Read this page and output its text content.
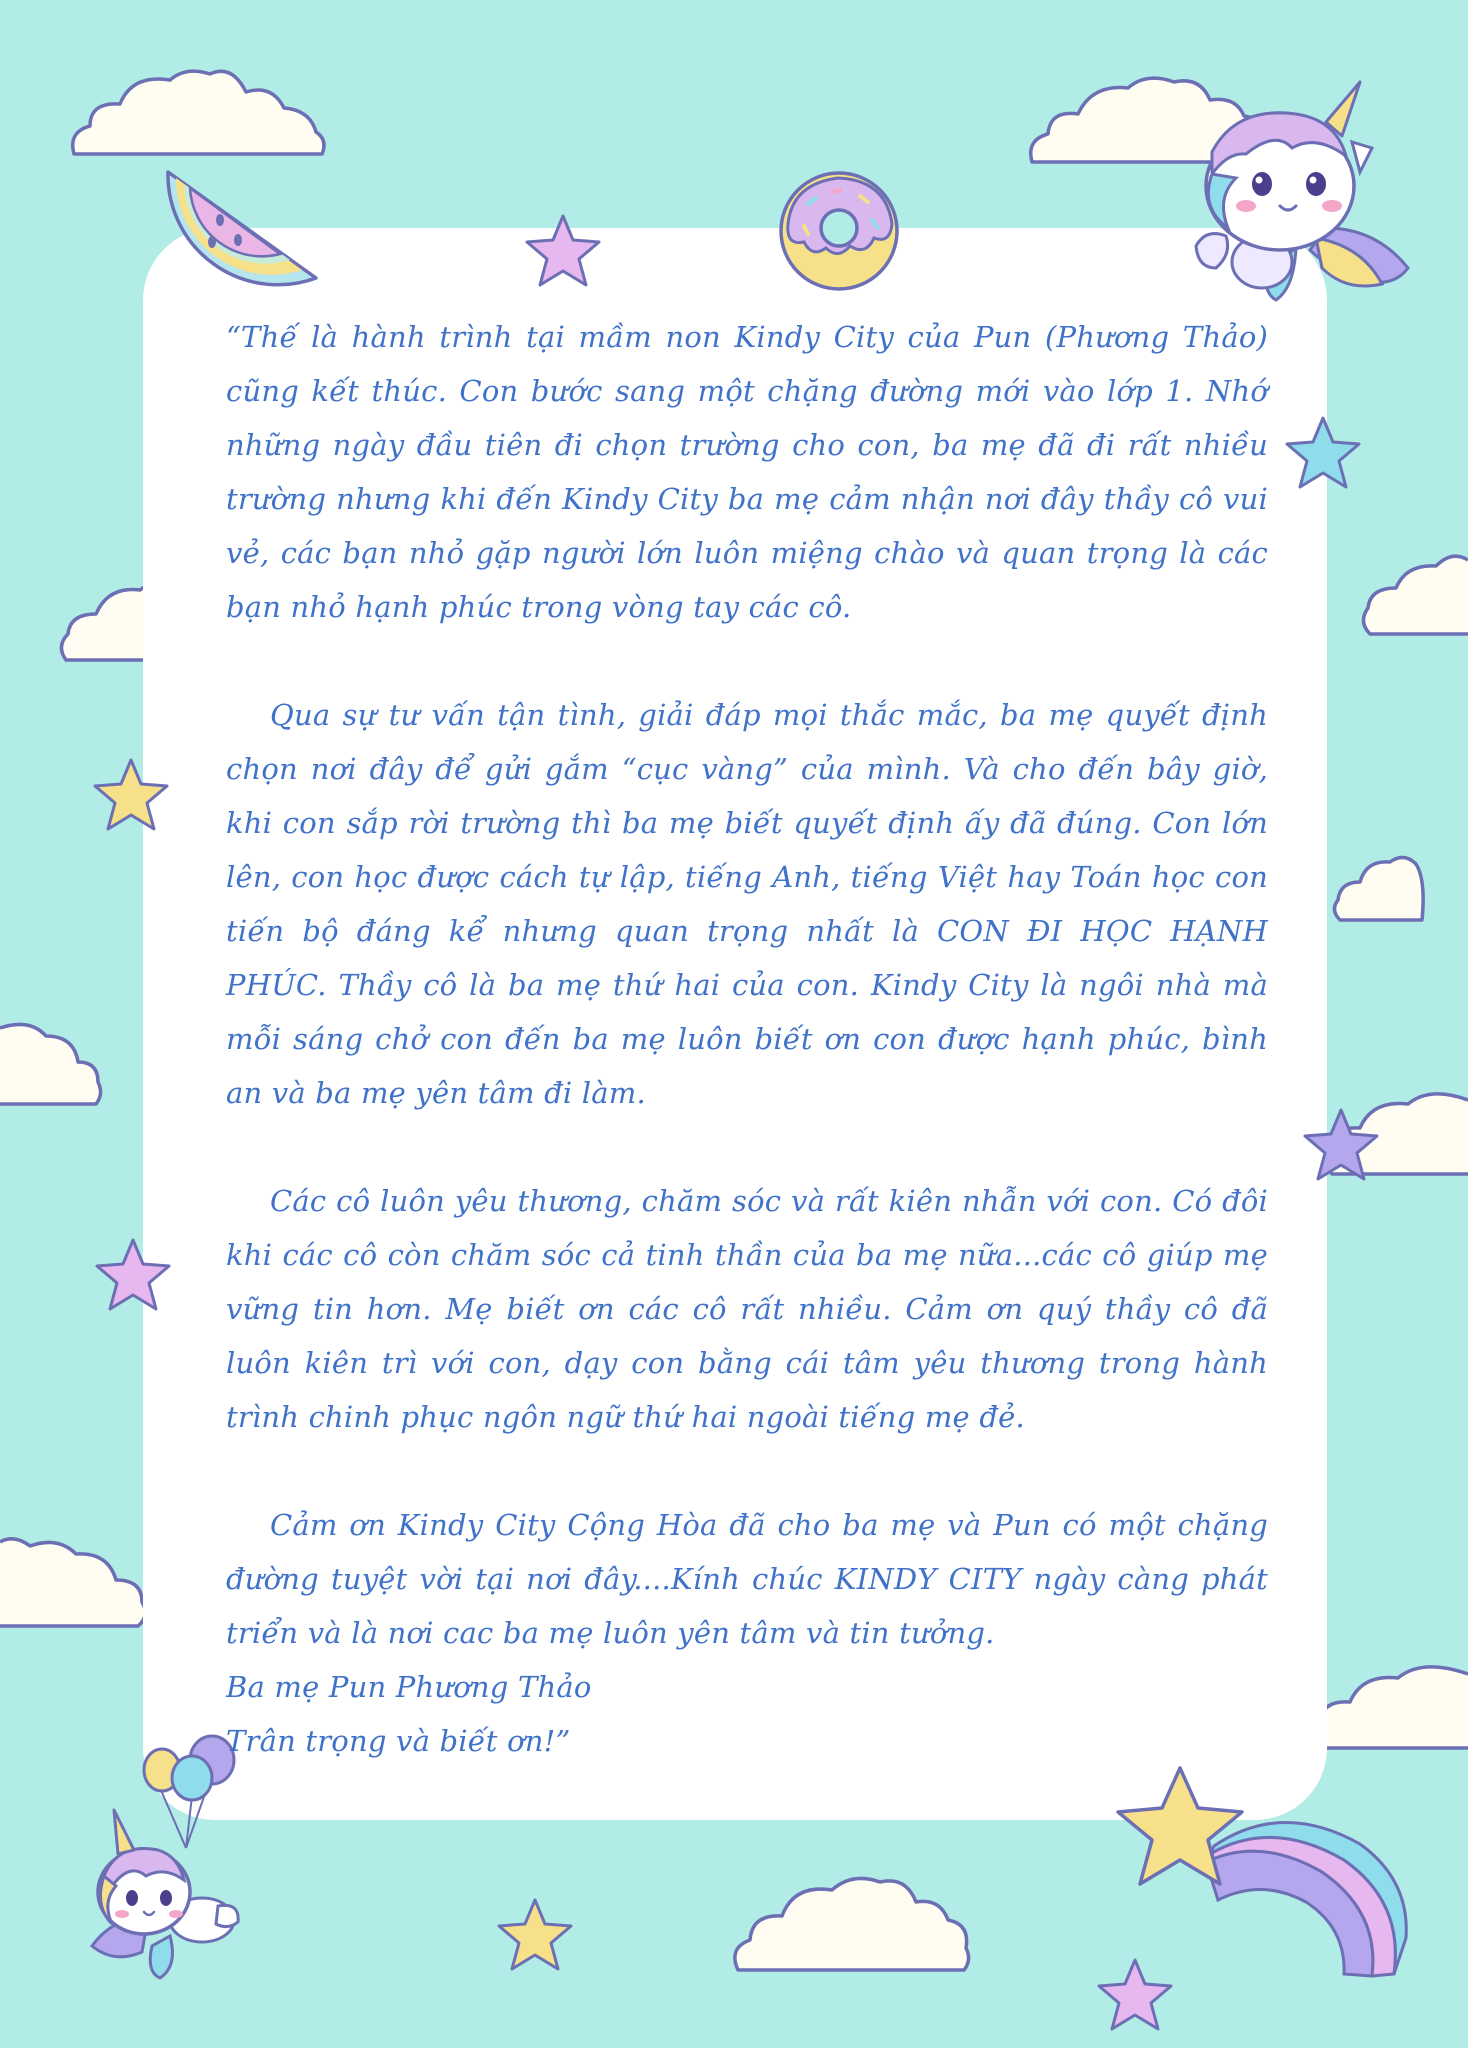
“Thế là hành trình tại mầm non Kindy City của Pun (Phương Thảo) cũng kết thúc. Con bước sang một chặng đường mới vào lớp 1. Nhớ những ngày đầu tiên đi chọn trường cho con, ba mẹ đã đi rất nhiều trường nhưng khi đến Kindy City ba mẹ cảm nhận nơi đây thầy cô vui vẻ, các bạn nhỏ gặp người lớn luôn miệng chào và quan trọng là các bạn nhỏ hạnh phúc trong vòng tay các cô.

Qua sự tư vấn tận tình, giải đáp mọi thắc mắc, ba mẹ quyết định chọn nơi đây để gửi gắm “cục vàng” của mình. Và cho đến bây giờ, khi con sắp rời trường thì ba mẹ biết quyết định ấy đã đúng. Con lớn lên, con học được cách tự lập, tiếng Anh, tiếng Việt hay Toán học con tiến bộ đáng kể nhưng quan trọng nhất là CON ĐI HỌC HẠNH PHÚC. Thầy cô là ba mẹ thứ hai của con. Kindy City là ngôi nhà mà mỗi sáng chở con đến ba mẹ luôn biết ơn con được hạnh phúc, bình an và ba mẹ yên tâm đi làm.

Các cô luôn yêu thương, chăm sóc và rất kiên nhẫn với con. Có đôi khi các cô còn chăm sóc cả tinh thần của ba mẹ nữa...các cô giúp mẹ vững tin hơn. Mẹ biết ơn các cô rất nhiều. Cảm ơn quý thầy cô đã luôn kiên trì với con, dạy con bằng cái tâm yêu thương trong hành trình chinh phục ngôn ngữ thứ hai ngoài tiếng mẹ đẻ.

Cảm ơn Kindy City Cộng Hòa đã cho ba mẹ và Pun có một chặng đường tuyệt vời tại nơi đây....Kính chúc KINDY CITY ngày càng phát triển và là nơi cac ba mẹ luôn yên tâm và tin tưởng.

Ba mẹ Pun Phương Thảo

Trân trọng và biết ơn!”
